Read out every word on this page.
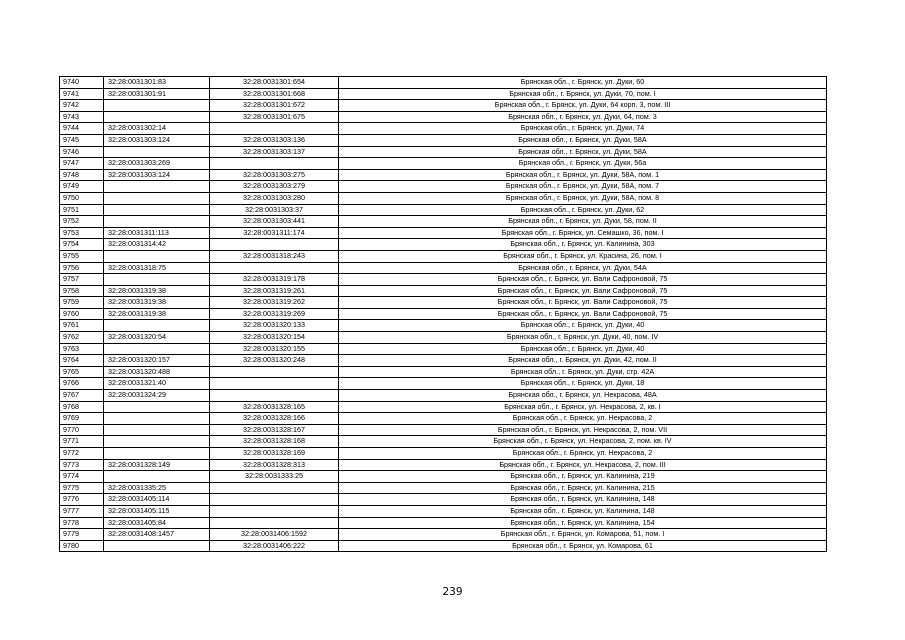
9740	32:28:0031301:83	32:28:0031301:654	Брянская обл., г. Брянск, ул. Дуки, 60
9741	32:28:0031301:91	32:28:0031301:668	Брянская обл., г. Брянск, ул. Дуки, 70, пом. I
9742		32:28:0031301:672	Брянская обл., г. Брянск, ул. Дуки, 64 корп. 3, пом. III
9743		32:28:0031301:675	Брянская обл., г. Брянск, ул. Дуки, 64, пом. 3
9744	32:28:0031302:14		Брянская обл., г. Брянск, ул. Дуки, 74
9745	32:28:0031303:124	32:28:0031303:136	Брянская обл., г. Брянск, ул. Дуки, 58А
9746		32:28:0031303:137	Брянская обл., г. Брянск, ул. Дуки, 58А
9747	32:28:0031303:269		Брянская обл., г. Брянск, ул. Дуки, 56а
9748	32:28:0031303:124	32:28:0031303:275	Брянская обл., г. Брянск, ул. Дуки, 58А, пом. 1
9749		32:28:0031303:279	Брянская обл., г. Брянск, ул. Дуки, 58А, пом. 7
9750		32:28:0031303:280	Брянская обл., г. Брянск, ул. Дуки, 58А, пом. 8
9751		32:28:0031303:37	Брянская обл., г. Брянск, ул. Дуки, 62
9752		32:28:0031303:441	Брянская обл., г. Брянск, ул. Дуки, 58, пом. II
9753	32:28:0031311:113	32:28:0031311:174	Брянская обл., г. Брянск, ул. Семашко, 36, пом. I
9754	32:28:0031314:42		Брянская обл., г. Брянск, ул. Калинина, 303
9755		32:28:0031318:243	Брянская обл., г. Брянск, ул. Красина, 26, пом. I
9756	32:28:0031318:75		Брянская обл., г. Брянск, ул. Дуки, 54А
9757		32:28:0031319:178	Брянская обл., г. Брянск, ул. Вали Сафроновой, 75
9758	32:28:0031319:38	32:28:0031319:261	Брянская обл., г. Брянск, ул. Вали Сафроновой, 75
9759	32:28:0031319:38	32:28:0031319:262	Брянская обл., г. Брянск, ул. Вали Сафроновой, 75
9760	32:28:0031319:38	32:28:0031319:269	Брянская обл., г. Брянск, ул. Вали Сафроновой, 75
9761		32:28:0031320:133	Брянская обл., г. Брянск, ул. Дуки, 40
9762	32:28:0031320:54	32:28:0031320:154	Брянская обл., г. Брянск, ул. Дуки, 40, пом. IV
9763		32:28:0031320:155	Брянская обл., г. Брянск, ул. Дуки, 40
9764	32:28:0031320:157	32:28:0031320:248	Брянская обл., г. Брянск, ул. Дуки, 42, пом. II
9765	32:28:0031320:488		Брянская обл., г. Брянск, ул. Дуки, стр. 42А
9766	32:28:0031321:40		Брянская обл., г. Брянск, ул. Дуки, 18
9767	32:28:0031324:29		Брянская обл., г. Брянск, ул. Некрасова, 48А
9768		32:28:0031328:165	Брянская обл., г. Брянск, ул. Некрасова, 2, кв. I
9769		32:28:0031328:166	Брянская обл., г. Брянск, ул. Некрасова, 2
9770		32:28:0031328:167	Брянская обл., г. Брянск, ул. Некрасова, 2, пом. VII
9771		32:28:0031328:168	Брянская обл., г. Брянск, ул. Некрасова, 2, пом. кв. IV
9772		32:28:0031328:169	Брянская обл., г. Брянск, ул. Некрасова, 2
9773	32:28:0031328:149	32:28:0031328:313	Брянская обл., г. Брянск, ул. Некрасова, 2, пом. III
9774		32:28:0031333:25	Брянская обл., г. Брянск, ул. Калинина, 219
9775	32:28:0031335:25		Брянская обл., г. Брянск, ул. Калинина, 215
9776	32:28:0031405:114		Брянская обл., г. Брянск, ул. Калинина, 148
9777	32:28:0031405:115		Брянская обл., г. Брянск, ул. Калинина, 148
9778	32:28:0031405:84		Брянская обл., г. Брянск, ул. Калинина, 154
9779	32:28:0031408:1457	32:28:0031406:1592	Брянская обл., г. Брянск, ул. Комарова, 51, пом. I
9780		32:28:0031406:222	Брянская обл., г. Брянск, ул. Комарова, 61
239
